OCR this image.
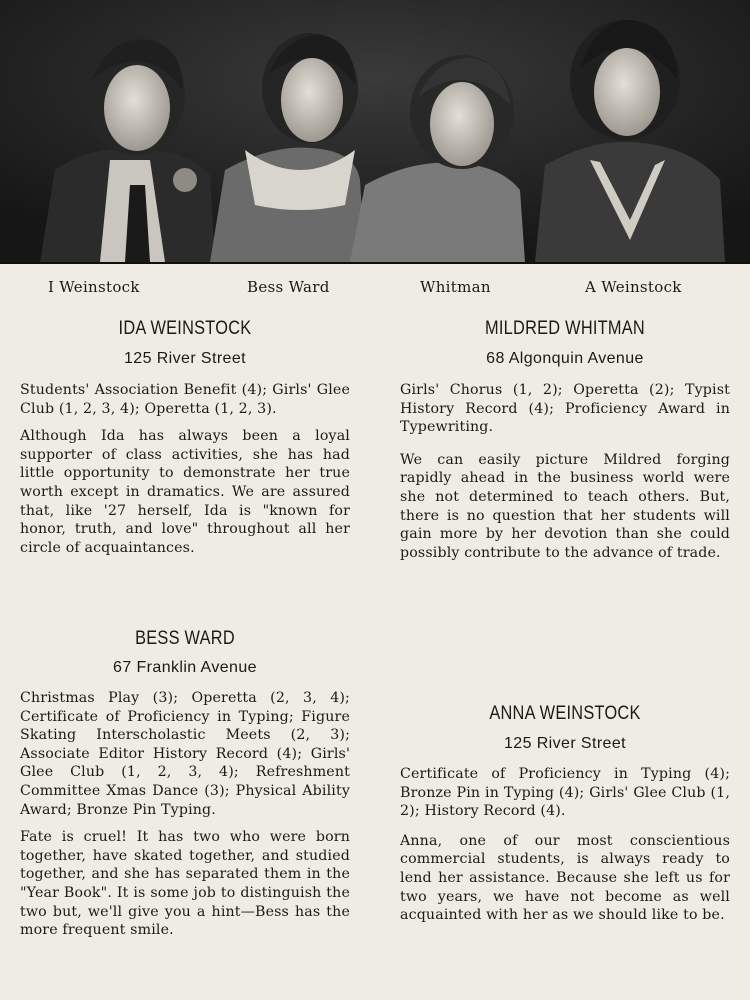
I Weinstock	Bess Ward	Whitman	A Weinstock
IDA WEINSTOCK
125 River Street

Students' Association Benefit (4); Girls' Glee Club (1, 2, 3, 4); Operetta (1, 2, 3).

Although Ida has always been a loyal supporter of class activities, she has had little opportunity to demonstrate her true worth except in dramatics. We are assured that, like '27 herself, Ida is "known for honor, truth, and love" throughout all her circle of acquaintances.

MILDRED WHITMAN
68 Algonquin Avenue

Girls' Chorus (1, 2); Operetta (2); Typist History Record (4); Proficiency Award in Typewriting.

We can easily picture Mildred forging rapidly ahead in the business world were she not determined to teach others. But, there is no question that her students will gain more by her devotion than she could possibly contribute to the advance of trade.

BESS WARD
67 Franklin Avenue

Christmas Play (3); Operetta (2, 3, 4); Certificate of Proficiency in Typing; Figure Skating Interscholastic Meets (2, 3); Associate Editor History Record (4); Girls' Glee Club (1, 2, 3, 4); Refreshment Committee Xmas Dance (3); Physical Ability Award; Bronze Pin Typing.

Fate is cruel! It has two who were born together, have skated together, and studied together, and she has separated them in the "Year Book". It is some job to distinguish the two but, we'll give you a hint—Bess has the more frequent smile.

ANNA WEINSTOCK
125 River Street

Certificate of Proficiency in Typing (4); Bronze Pin in Typing (4); Girls' Glee Club (1, 2); History Record (4).

Anna, one of our most conscientious commercial students, is always ready to lend her assistance. Because she left us for two years, we have not become as well acquainted with her as we should like to be.
